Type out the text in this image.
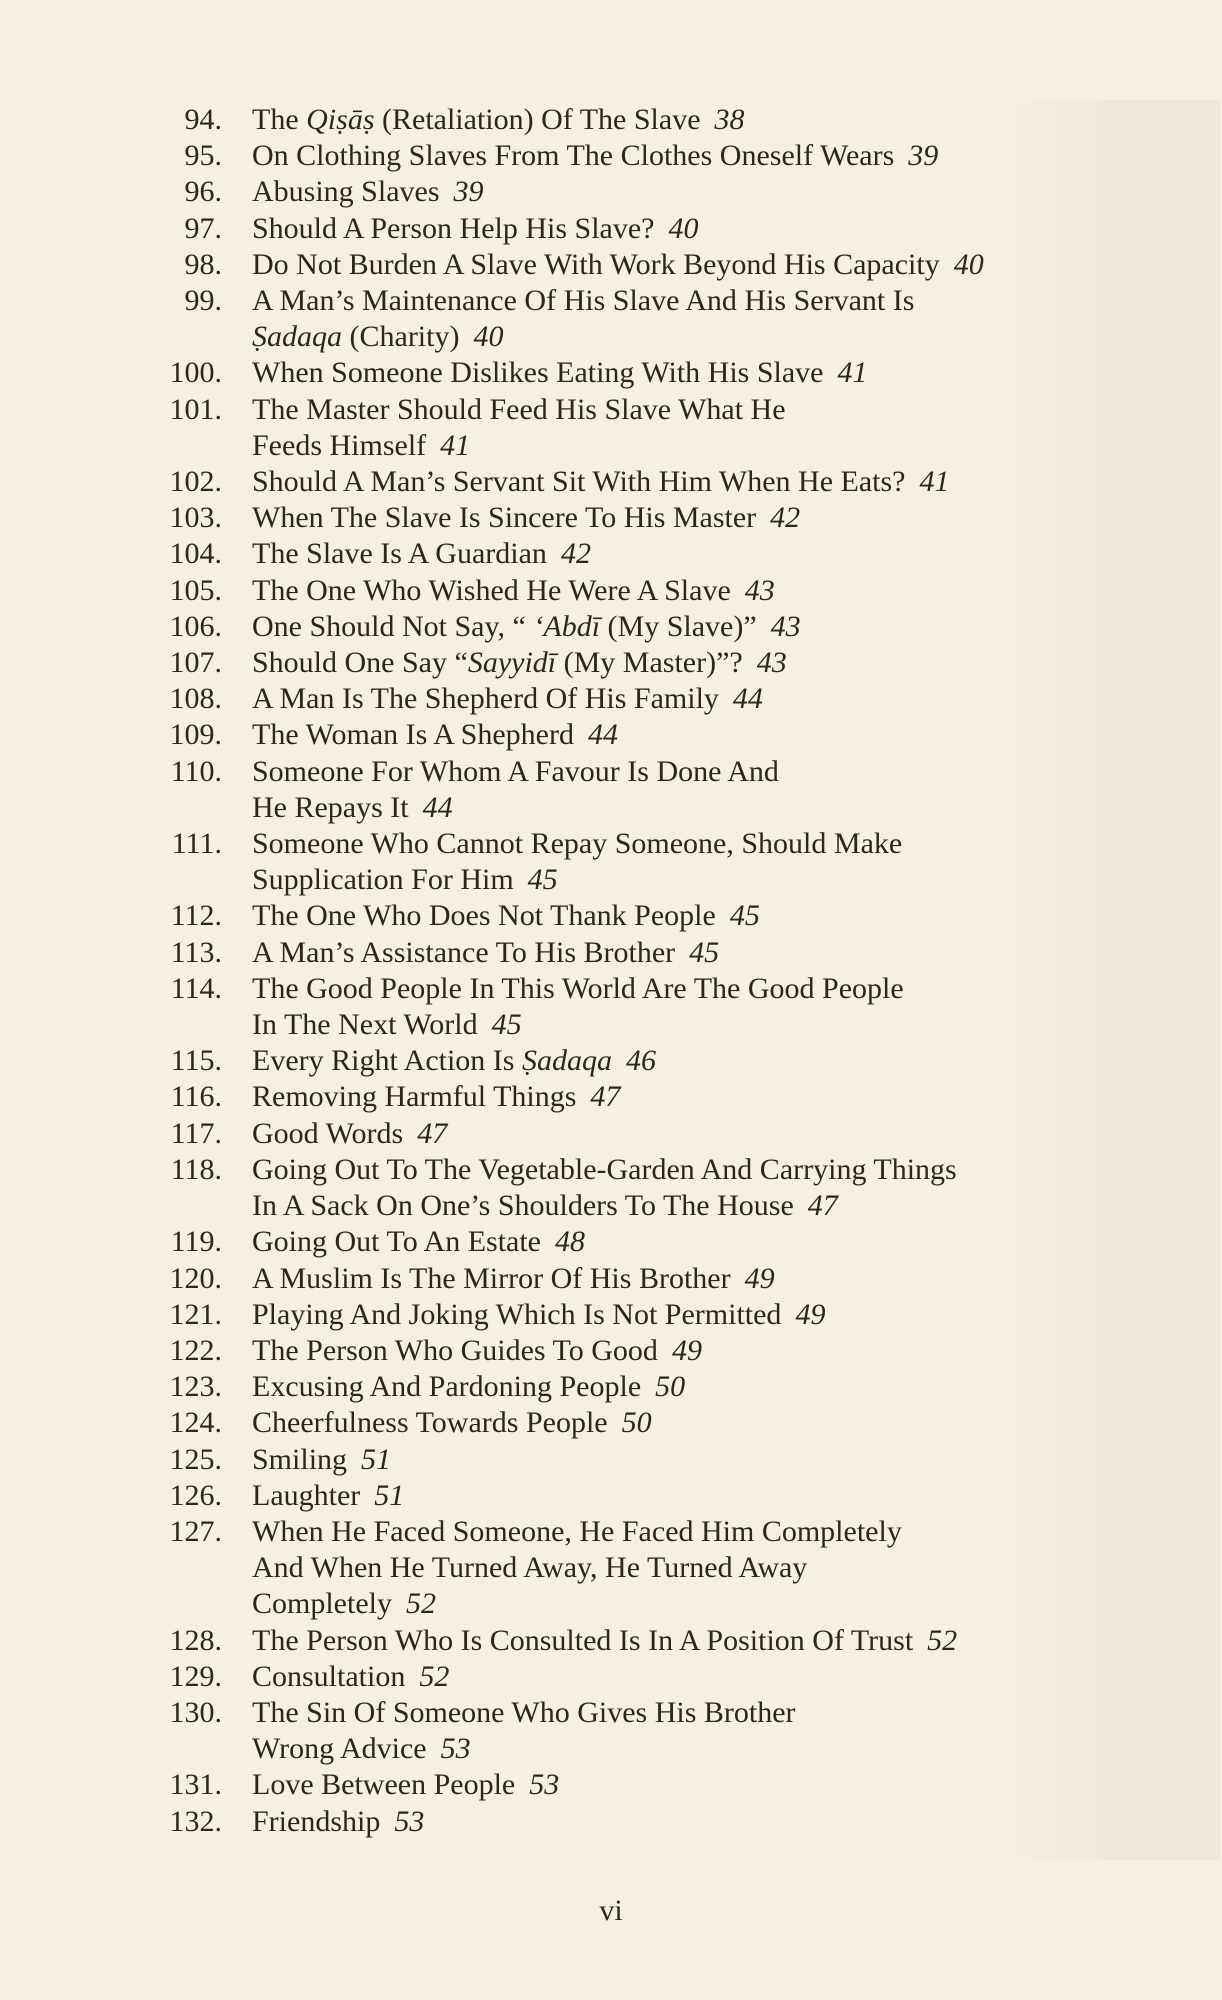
94. The Qiṣāṣ (Retaliation) Of The Slave 38
95. On Clothing Slaves From The Clothes Oneself Wears 39
96. Abusing Slaves 39
97. Should A Person Help His Slave? 40
98. Do Not Burden A Slave With Work Beyond His Capacity 40
99. A Man’s Maintenance Of His Slave And His Servant Is
Ṣadaqa (Charity) 40
100. When Someone Dislikes Eating With His Slave 41
101. The Master Should Feed His Slave What He
Feeds Himself 41
102. Should A Man’s Servant Sit With Him When He Eats? 41
103. When The Slave Is Sincere To His Master 42
104. The Slave Is A Guardian 42
105. The One Who Wished He Were A Slave 43
106. One Should Not Say, “ ‘Abdī (My Slave)” 43
107. Should One Say “Sayyidī (My Master)”? 43
108. A Man Is The Shepherd Of His Family 44
109. The Woman Is A Shepherd 44
110. Someone For Whom A Favour Is Done And
He Repays It 44
111. Someone Who Cannot Repay Someone, Should Make
Supplication For Him 45
112. The One Who Does Not Thank People 45
113. A Man’s Assistance To His Brother 45
114. The Good People In This World Are The Good People
In The Next World 45
115. Every Right Action Is Ṣadaqa 46
116. Removing Harmful Things 47
117. Good Words 47
118. Going Out To The Vegetable-Garden And Carrying Things
In A Sack On One’s Shoulders To The House 47
119. Going Out To An Estate 48
120. A Muslim Is The Mirror Of His Brother 49
121. Playing And Joking Which Is Not Permitted 49
122. The Person Who Guides To Good 49
123. Excusing And Pardoning People 50
124. Cheerfulness Towards People 50
125. Smiling 51
126. Laughter 51
127. When He Faced Someone, He Faced Him Completely
And When He Turned Away, He Turned Away
Completely 52
128. The Person Who Is Consulted Is In A Position Of Trust 52
129. Consultation 52
130. The Sin Of Someone Who Gives His Brother
Wrong Advice 53
131. Love Between People 53
132. Friendship 53
vi
